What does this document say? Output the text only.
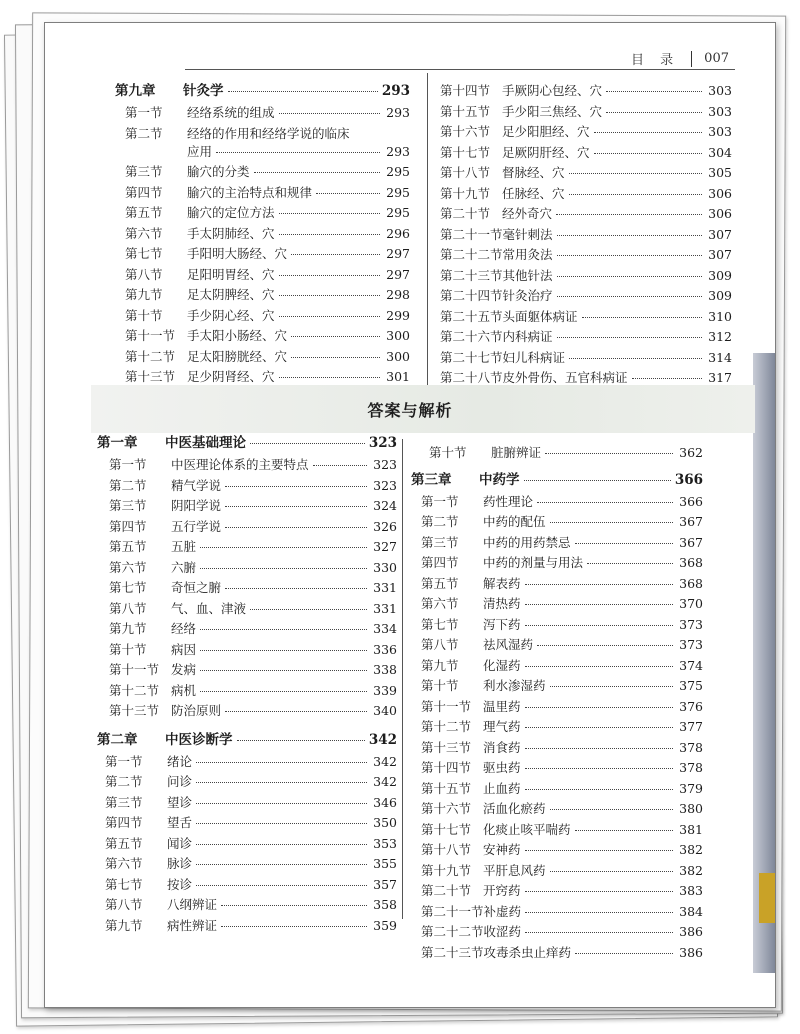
目 录 007
第九章	针灸学	293
第一节	经络系统的组成	293
第二节	经络的作用和经络学说的临床
应用	293
第三节	腧穴的分类	295
第四节	腧穴的主治特点和规律	295
第五节	腧穴的定位方法	295
第六节	手太阴肺经、穴	296
第七节	手阳明大肠经、穴	297
第八节	足阳明胃经、穴	297
第九节	足太阴脾经、穴	298
第十节	手少阴心经、穴	299
第十一节 手太阳小肠经、穴	300
第十二节 足太阳膀胱经、穴	300
第十三节 足少阴肾经、穴	301
第十四节 手厥阴心包经、穴	303
第十五节 手少阳三焦经、穴	303
第十六节 足少阳胆经、穴	303
第十七节 足厥阴肝经、穴	304
第十八节 督脉经、穴	305
第十九节 任脉经、穴	306
第二十节 经外奇穴	306
第二十一节 毫针刺法	307
第二十二节 常用灸法	307
第二十三节 其他针法	309
第二十四节 针灸治疗	309
第二十五节 头面躯体病证	310
第二十六节 内科病证	312
第二十七节 妇儿科病证	314
第二十八节 皮外骨伤、五官科病证	317
答案与解析
第一章	中医基础理论	323
第一节	中医理论体系的主要特点	323
第二节	精气学说	323
第三节	阴阳学说	324
第四节	五行学说	326
第五节	五脏	327
第六节	六腑	330
第七节	奇恒之腑	331
第八节	气、血、津液	331
第九节	经络	334
第十节	病因	336
第十一节 发病	338
第十二节 病机	339
第十三节 防治原则	340
第二章	中医诊断学	342
第一节	绪论	342
第二节	问诊	342
第三节	望诊	346
第四节	望舌	350
第五节	闻诊	353
第六节	脉诊	355
第七节	按诊	357
第八节	八纲辨证	358
第九节	病性辨证	359
第十节	脏腑辨证	362
第三章	中药学	366
第一节	药性理论	366
第二节	中药的配伍	367
第三节	中药的用药禁忌	367
第四节	中药的剂量与用法	368
第五节	解表药	368
第六节	清热药	370
第七节	泻下药	373
第八节	祛风湿药	373
第九节	化湿药	374
第十节	利水渗湿药	375
第十一节 温里药	376
第十二节 理气药	377
第十三节 消食药	378
第十四节 驱虫药	378
第十五节 止血药	379
第十六节 活血化瘀药	380
第十七节 化痰止咳平喘药	381
第十八节 安神药	382
第十九节 平肝息风药	382
第二十节 开窍药	383
第二十一节 补虚药	384
第二十二节 收涩药	386
第二十三节 攻毒杀虫止痒药	386
